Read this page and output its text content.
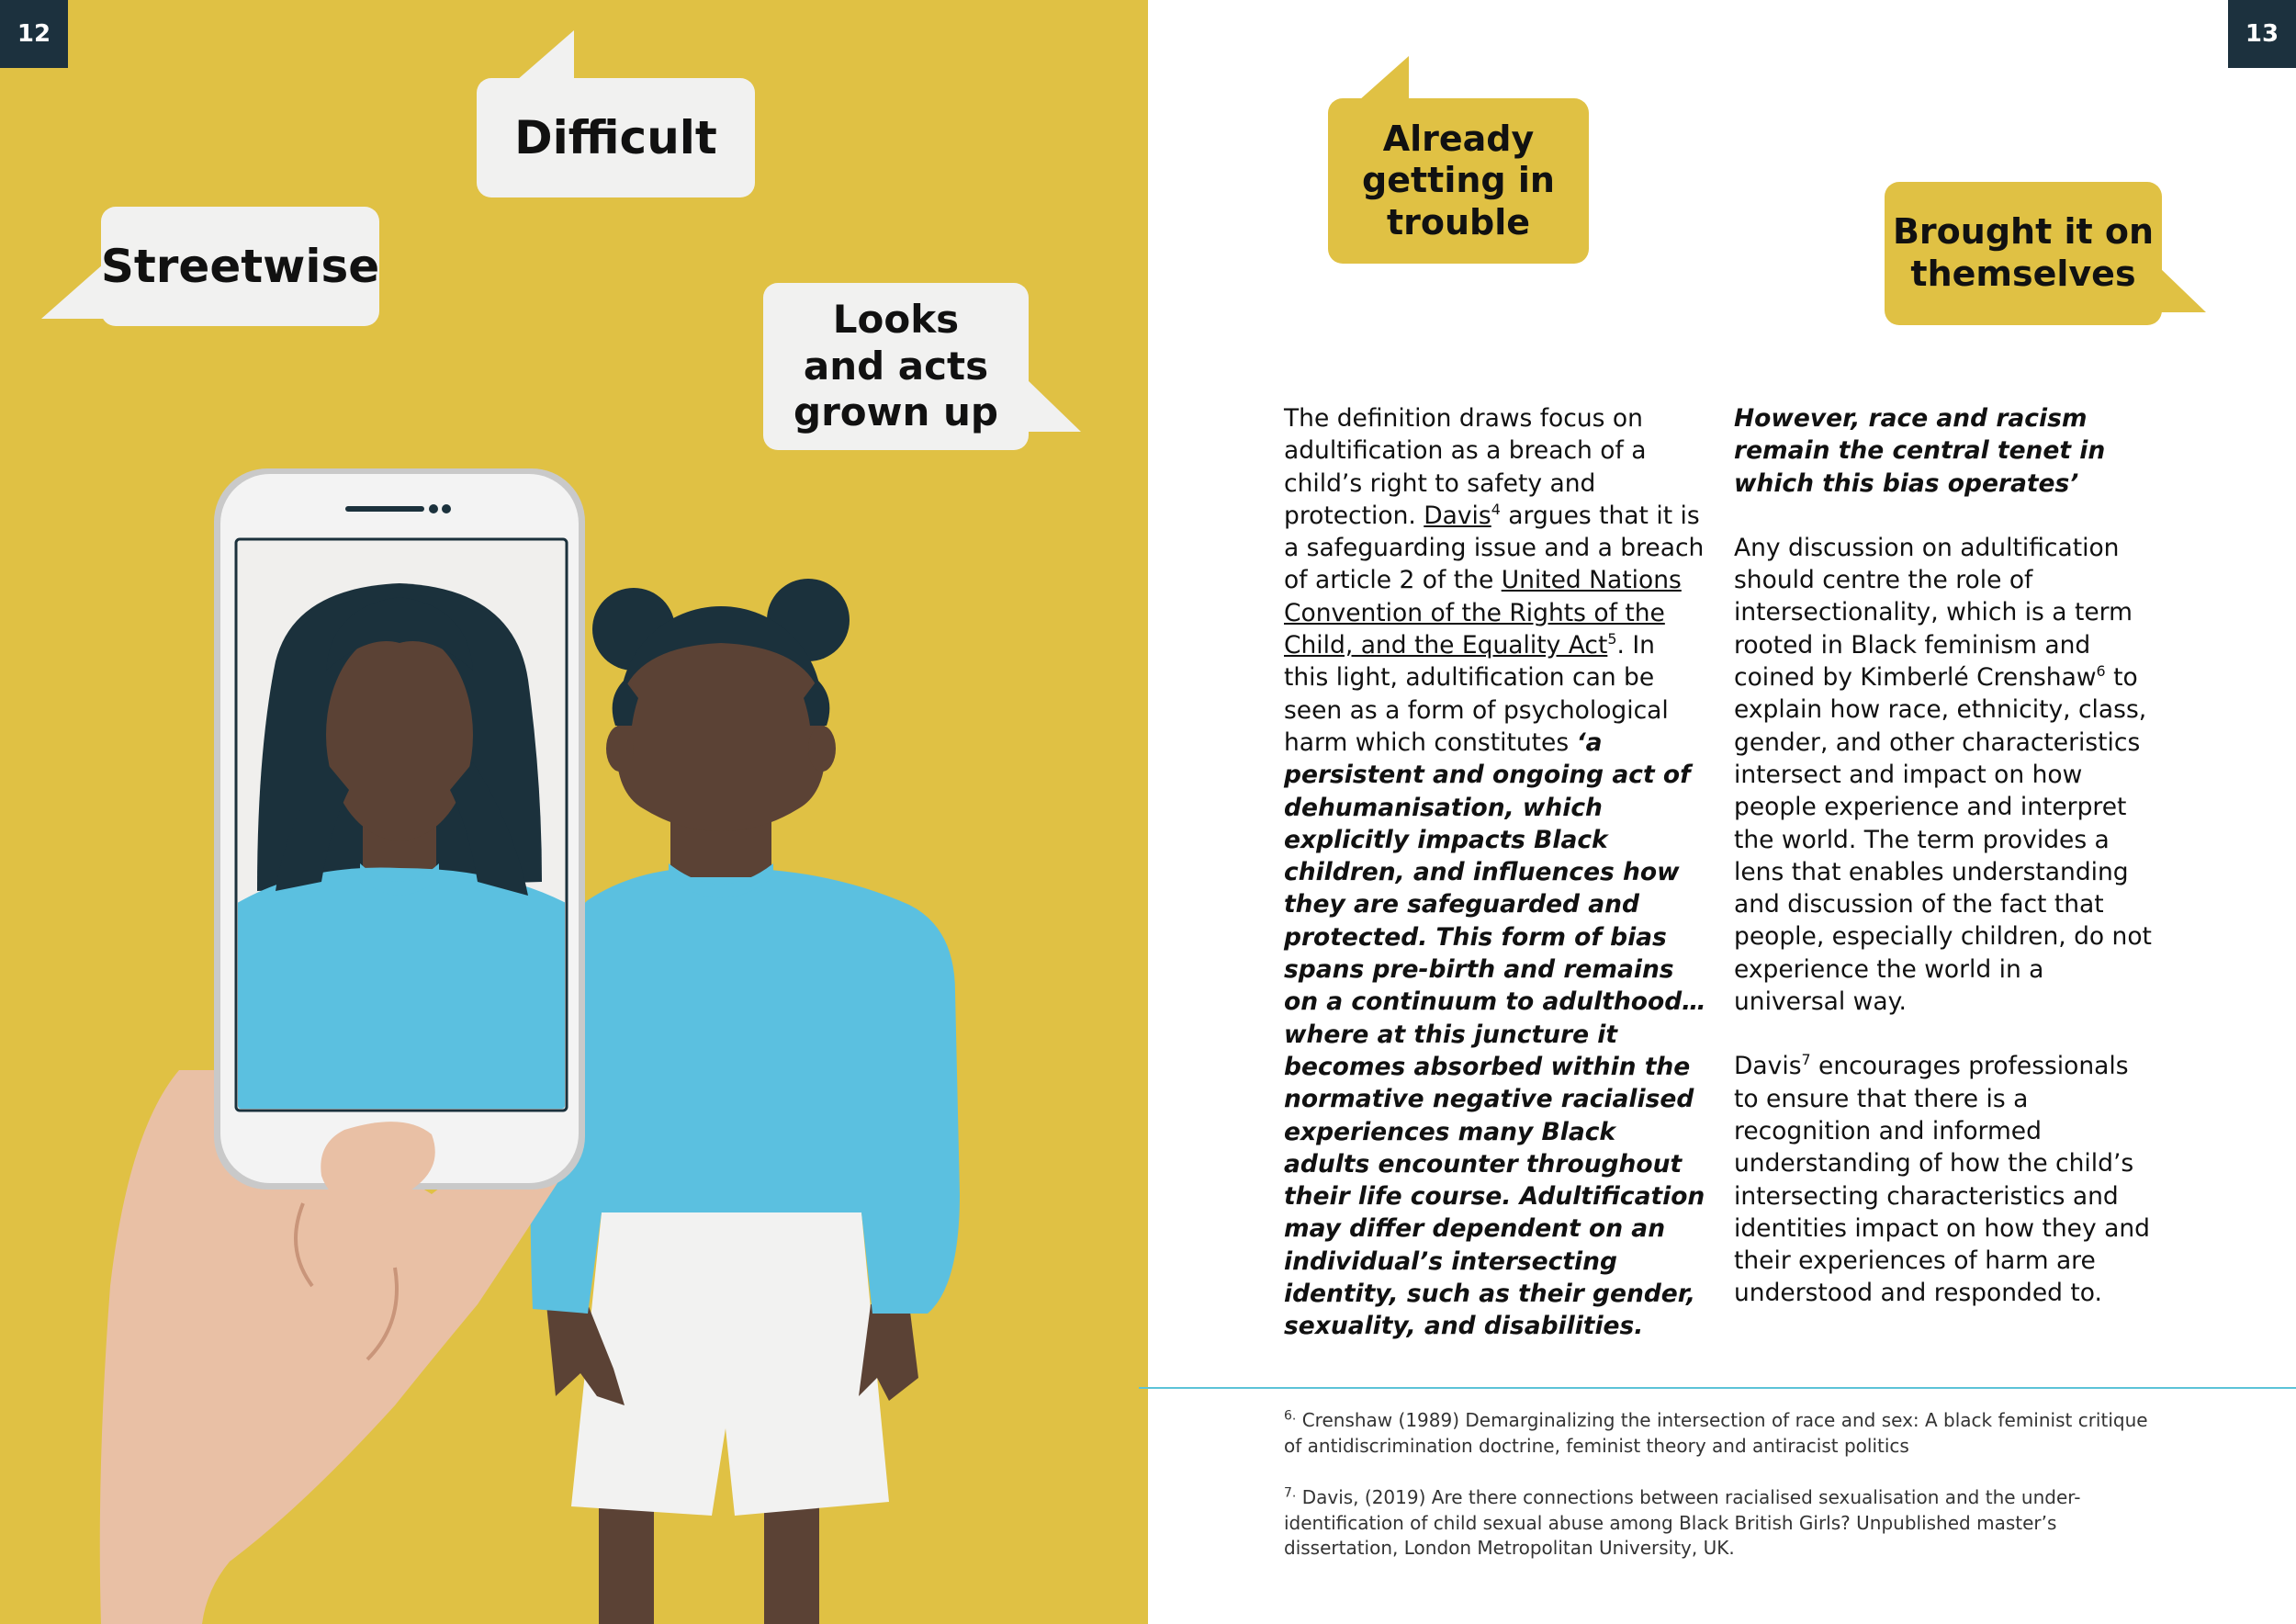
12
Difficult
Streetwise
Looks
and acts
grown up
13
Already
getting in
trouble	Brought it on
themselves

The definition draws focus on adultification as a breach of a child’s right to safety and protection. Davis$^4$ argues that it is a safeguarding issue and a breach of article 2 of the United Nations Convention of the Rights of the Child, and the Equality Act$^5$. In this light, adultification can be seen as a form of psychological harm which constitutes ‘a persistent and ongoing act of dehumanisation, which explicitly impacts Black children, and influences how they are safeguarded and protected. This form of bias spans pre-birth and remains on a continuum to adulthood… where at this juncture it becomes absorbed within the normative negative racialised experiences many Black adults encounter throughout their life course. Adultification may differ dependent on an individual’s intersecting identity, such as their gender, sexuality, and disabilities.

However, race and racism remain the central tenet in which this bias operates’

Any discussion on adultification should centre the role of intersectionality, which is a term rooted in Black feminism and coined by Kimberlé Crenshaw$^6$ to explain how race, ethnicity, class, gender, and other characteristics intersect and impact on how people experience and interpret the world. The term provides a lens that enables understanding and discussion of the fact that people, especially children, do not experience the world in a universal way.

Davis$^7$ encourages professionals to ensure that there is a recognition and informed understanding of how the child’s intersecting characteristics and identities impact on how they and their experiences of harm are understood and responded to.

$^{6.}$ Crenshaw (1989) Demarginalizing the intersection of race and sex: A black feminist critique of antidiscrimination doctrine, feminist theory and antiracist politics
$^{7.}$ Davis, (2019) Are there connections between racialised sexualisation and the under-identification of child sexual abuse among Black British Girls? Unpublished master’s dissertation, London Metropolitan University, UK.
